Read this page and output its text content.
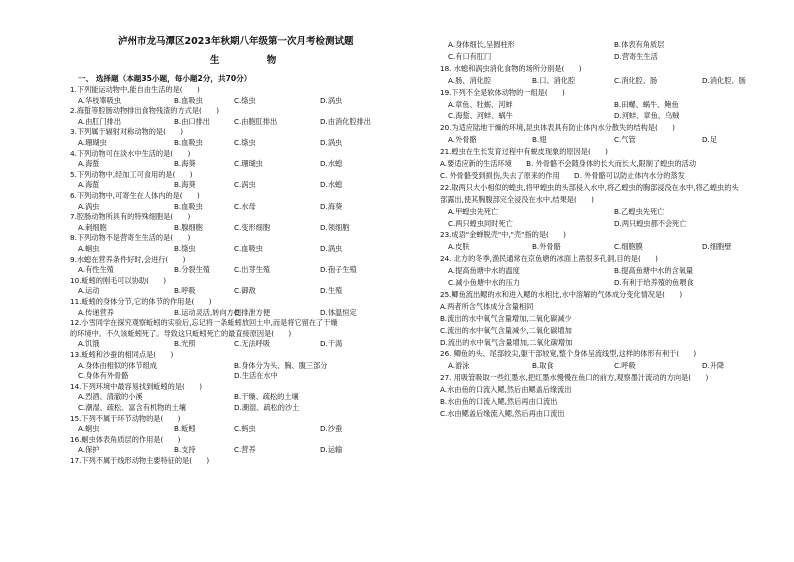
泸州市龙马潭区2023年秋期八年级第一次月考检测试题
生 物
一、 选择题（本题35小题，每小题2分，共70分）
1.下列能运动物中,能自由生活的是(　　)
A.华枝睾吸虫	B.血吸虫	C.绦虫	D.涡虫
2.海蜇等腔肠动物排出食物残渣的方式是(　　)
A.由肛门排出	B.由口排出	C.由胞肛排出	D.由消化腔排出
3.下列属于辐射对称动物的是(　　)
A.珊瑚虫	B.血吸虫	C.绦虫	D.涡虫
4.下列动物可在淡水中生活的是(　　)
A.海蜇	B.海葵	C.珊瑚虫	D.水螅
5.下列动物中,经加工可食用的是(　　)
A.海蜇	B.海葵	C.涡虫	D.水螅
6.下列动物中,可寄生在人体内的是(　　)
A.涡虫	B.血吸虫	C.水母	D.海葵
7.腔肠动物所具有的特殊细胞是(　　)
A.刺细胞	B.腺细胞	C.变形细胞	D.领细胞
8.下列动物不是营寄生生活的是(　　)
A.蛔虫	B.绦虫	C.血吸虫	D.涡虫
9.水螅在营养条件好时,会进行(　　)
A.有性生殖	B.分裂生殖	C.出芽生殖	D.孢子生殖
10.蚯蚓的刚毛可以协助(　　)
A.运动	B.呼吸	C.御敌	D.生殖
11.蚯蚓的身体分节,它的体节的作用是(　　)
A.传递营养	B.运动灵活,转向方便
C.排泄方便	D.体温恒定
12.小雪同学在探究观察蚯蚓的实验后,忘记将一条蚯蚓放回土中,而是将它留在了干燥
的环境中。不久该蚯蚓死了。导致这只蚯蚓死亡的最直接原因是(　　)
A.饥饿	B.光照	C.无法呼吸	D.干渴
13.蚯蚓和沙蚕的相同点是(　　)
A.身体由相似的体节组成	B.身体分为头、胸、腹三部分
C.身体有外骨骼	D.生活在水中
14.下列环境中最容易找到蚯蚓的是(　　)
A.烈酒、清澈的小溪	B.干燥、疏松的土壤
C.潮湿、疏松、富含有机物的土壤	D.潮湿、疏松的沙土
15.下列不属于环节动物的是(　　)
A.蛔虫	B.蚯蚓	C.蚂虫	D.沙蚕
16.蛔虫体表角质层的作用是(　　)
A.保护	B.支持	C.营养	D.运输
17.下列不属于线形动物主要特征的是(　　)
A.身体细长,呈圆柱形	B.体表有角质层
C.有口有肛门	D.营寄生生活
18. 水螅和涡虫消化食物的场所分别是(　　)
A.肠、消化腔	B.口、消化腔	C.消化腔、肠	D.消化腔、肠
19.下列不全是软体动物的一组是(　　)
A.章鱼、牡蛎、河蚌	B.田螺、蜗牛、鲍鱼
C.海蜇、河蚌、蜗牛	D.河蚌、章鱼、乌贼
20.为适应陆地干燥的环境,昆虫体表具有防止体内水分散失的结构是(　　)
A.外骨骼	B.翅	C.气管	D.足
21.蝗虫在生长发育过程中有蜕皮现象的原因是(　　)
A.要适应新的生活环境　　B. 外骨骼不会随身体的长大而长大,限制了蝗虫的活动
C. 外骨骼受到损伤,失去了原来的作用　　D. 外骨骼可以防止体内水分的蒸发
22.取两只大小相似的蝗虫,将甲蝗虫的头部侵入水中,将乙蝗虫的胸部浸没在水中,将乙蝗虫的头
部露出,使其胸腹部完全浸没在水中,结果是(　　)
A.甲蝗虫先死亡	B.乙蝗虫先死亡
C.两只蝗虫同时死亡	D.两只蝗虫都不会死亡
23.成语"金蝉脱壳"中,"壳"指的是(　　)
A.皮肤	B.外骨骼	C.细胞膜	D.细胞壁
24. 北方的冬季,渔民通常在京鱼塘的冰面上凿很多孔洞,目的是(　　)
A.提高鱼塘中水的温度	B.提高鱼塘中水的含氧量
C.减小鱼塘中水的压力	D.有利于给养殖的鱼喂食
25.鲫鱼流出鳃的水和进入鳃的水相比,水中溶解的气体成分变化情况是(　　)
A.两者所含气体成分含量相同
B.流出的水中氧气含量增加,二氧化碳减少
C.流出的水中氧气含量减少,二氧化碳增加
D.流出的水中氧气含量增加,二氧化碳增加
26. 鲫鱼的头、尾部较尖,躯干部较宽,整个身体呈流线型,这样的体形有利于(　　)
A.游泳	B.取食	C.呼吸	D.升降
27. 用吸管吸取一些红墨水,把红墨水慢慢在鱼口的前方,观察墨汁流动的方向是(　　)
A.水由鱼的口流入鳃,然后由鳃盖后缘流出
B.水由鱼的口流入鳃,然后再由口流出
C.水由鳃盖后缘流入鳃,然后再由口流出
